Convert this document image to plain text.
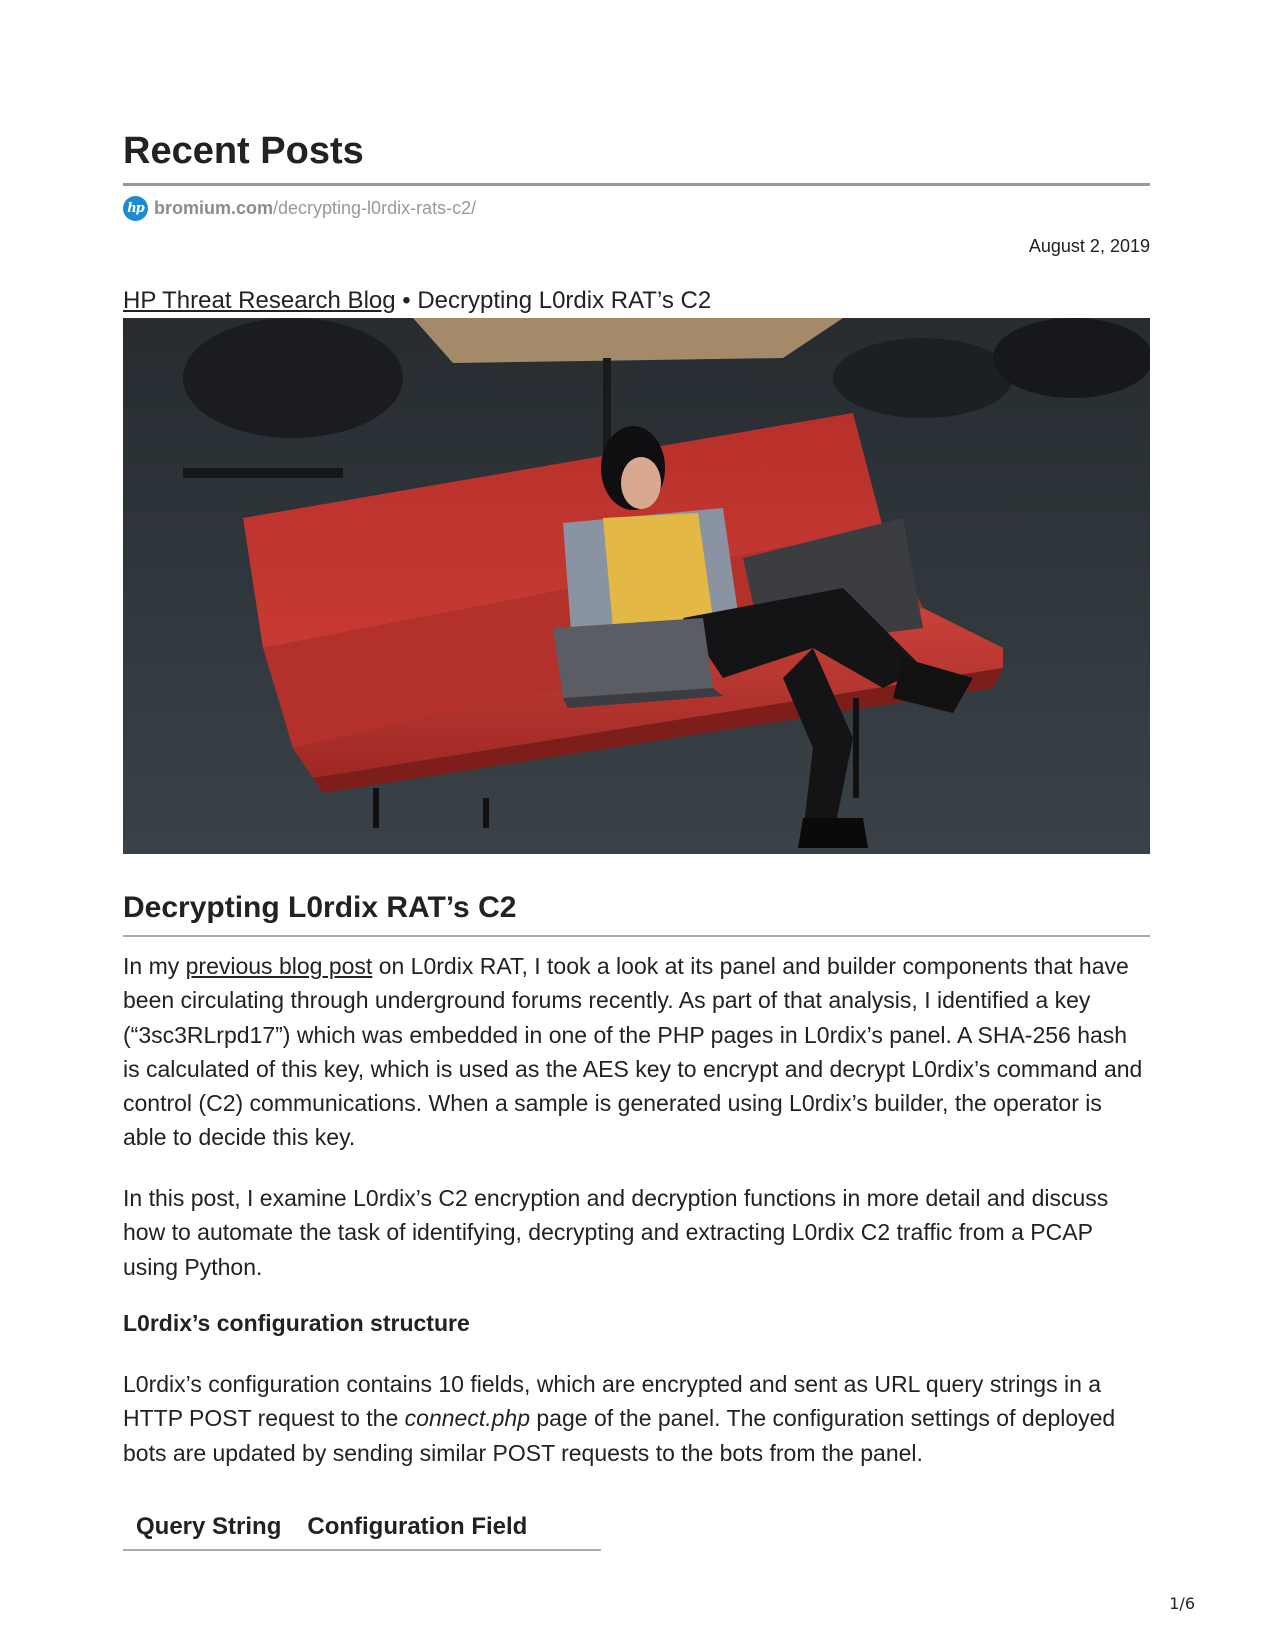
Recent Posts
hp bromium.com /decrypting-l0rdix-rats-c2/
August 2, 2019
HP Threat Research Blog • Decrypting L0rdix RAT’s C2
Decrypting L0rdix RAT’s C2

In my previous blog post on L0rdix RAT, I took a look at its panel and builder components that have been circulating through underground forums recently. As part of that analysis, I identified a key (“3sc3RLrpd17”) which was embedded in one of the PHP pages in L0rdix’s panel. A SHA-256 hash is calculated of this key, which is used as the AES key to encrypt and decrypt L0rdix’s command and control (C2) communications. When a sample is generated using L0rdix’s builder, the operator is able to decide this key.

In this post, I examine L0rdix’s C2 encryption and decryption functions in more detail and discuss how to automate the task of identifying, decrypting and extracting L0rdix C2 traffic from a PCAP using Python.

L0rdix’s configuration structure

L0rdix’s configuration contains 10 fields, which are encrypted and sent as URL query strings in a HTTP POST request to the connect.php page of the panel. The configuration settings of deployed bots are updated by sending similar POST requests to the bots from the panel.

Query String Configuration Field
1/6
